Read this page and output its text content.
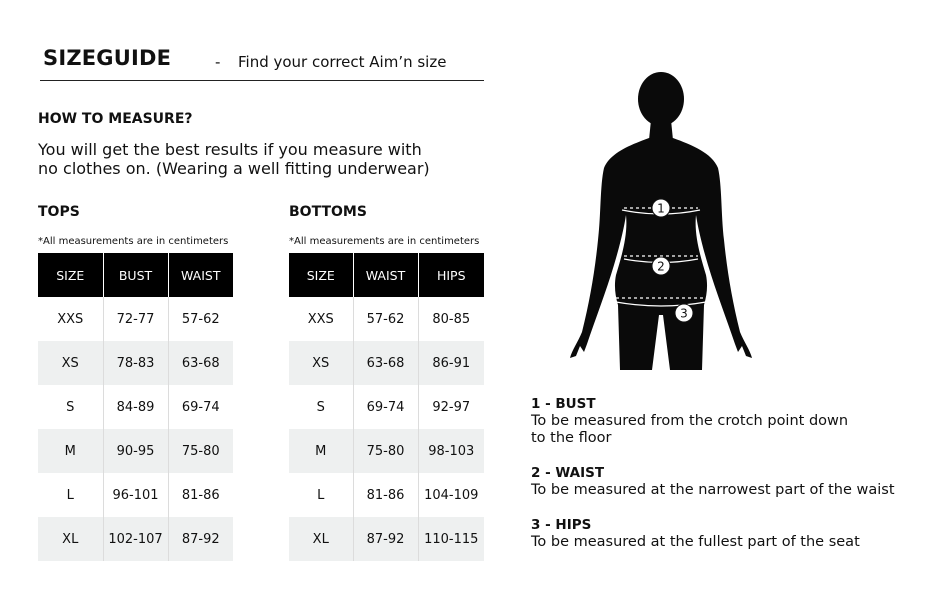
SIZEGUIDE	- Find your correct Aim’n size
HOW TO MEASURE?
You will get the best results if you measure with
no clothes on. (Wearing a well fitting underwear)
TOPS
*All measurements are in centimeters
SIZE	BUST	WAIST
XXS	72-77	57-62
XS	78-83	63-68
S	84-89	69-74
M	90-95	75-80
L	96-101	81-86
XL	102-107	87-92
BOTTOMS
*All measurements are in centimeters
SIZE	WAIST	HIPS
XXS	57-62	80-85
XS	63-68	86-91
S	69-74	92-97
M	75-80	98-103
L	81-86	104-109
XL	87-92	110-115
1
2
3
1 - BUST
To be measured from the crotch point down
to the floor
2 - WAIST
To be measured at the narrowest part of the waist
3 - HIPS
To be measured at the fullest part of the seat
